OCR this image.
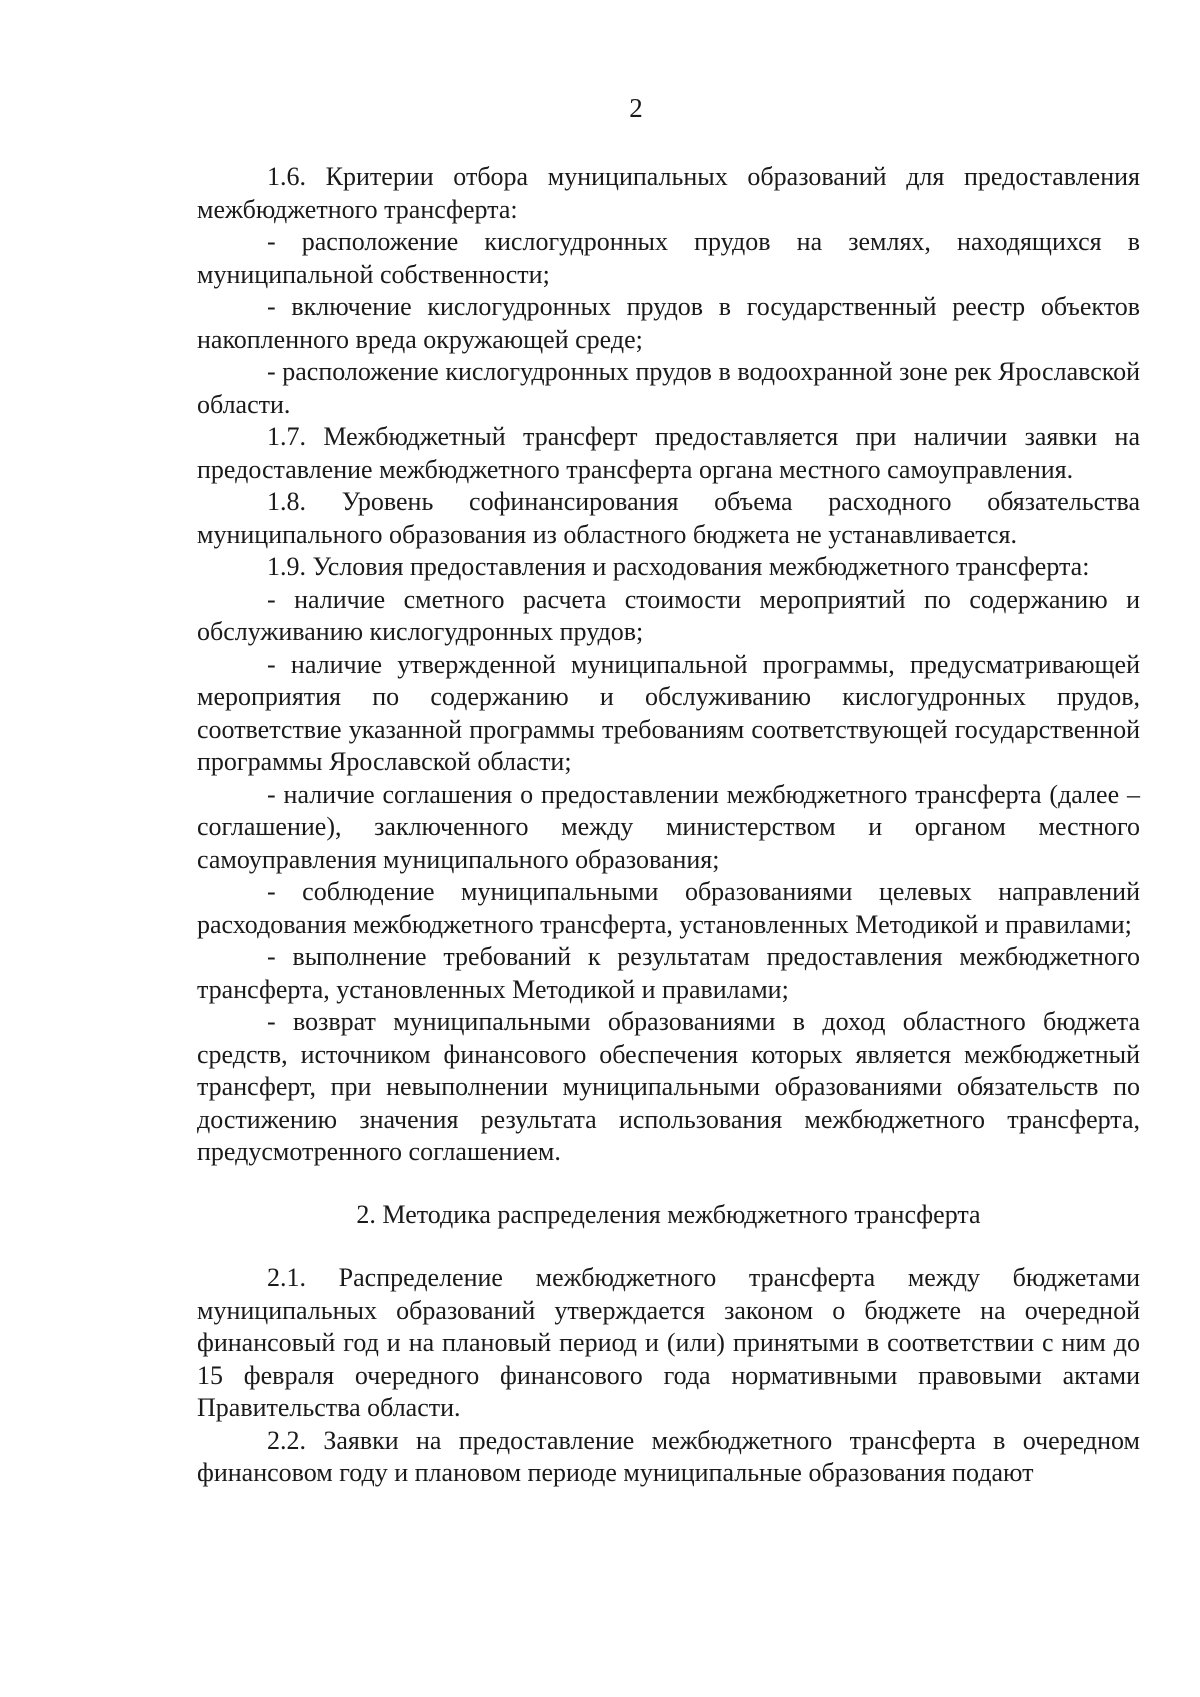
2

1.6. Критерии отбора муниципальных образований для предоставления межбюджетного трансферта:

- расположение кислогудронных прудов на землях, находящихся в муниципальной собственности;

- включение кислогудронных прудов в государственный реестр объектов накопленного вреда окружающей среде;

- расположение кислогудронных прудов в водоохранной зоне рек Ярославской области.

1.7. Межбюджетный трансферт предоставляется при наличии заявки на предоставление межбюджетного трансферта органа местного самоуправления.

1.8. Уровень софинансирования объема расходного обязательства муниципального образования из областного бюджета не устанавливается.

1.9. Условия предоставления и расходования межбюджетного трансферта:

- наличие сметного расчета стоимости мероприятий по содержанию и обслуживанию кислогудронных прудов;

- наличие утвержденной муниципальной программы, предусматривающей мероприятия по содержанию и обслуживанию кислогудронных прудов, соответствие указанной программы требованиям соответствующей государственной программы Ярославской области;

- наличие соглашения о предоставлении межбюджетного трансферта (далее – соглашение), заключенного между министерством и органом местного самоуправления муниципального образования;

- соблюдение муниципальными образованиями целевых направлений расходования межбюджетного трансферта, установленных Методикой и правилами;

- выполнение требований к результатам предоставления межбюджетного трансферта, установленных Методикой и правилами;

- возврат муниципальными образованиями в доход областного бюджета средств, источником финансового обеспечения которых является межбюджетный трансферт, при невыполнении муниципальными образованиями обязательств по достижению значения результата использования межбюджетного трансферта, предусмотренного соглашением.

2. Методика распределения межбюджетного трансферта

2.1. Распределение межбюджетного трансферта между бюджетами муниципальных образований утверждается законом о бюджете на очередной финансовый год и на плановый период и (или) принятыми в соответствии с ним до 15 февраля очередного финансового года нормативными правовыми актами Правительства области.

2.2. Заявки на предоставление межбюджетного трансферта в очередном финансовом году и плановом периоде муниципальные образования подают
